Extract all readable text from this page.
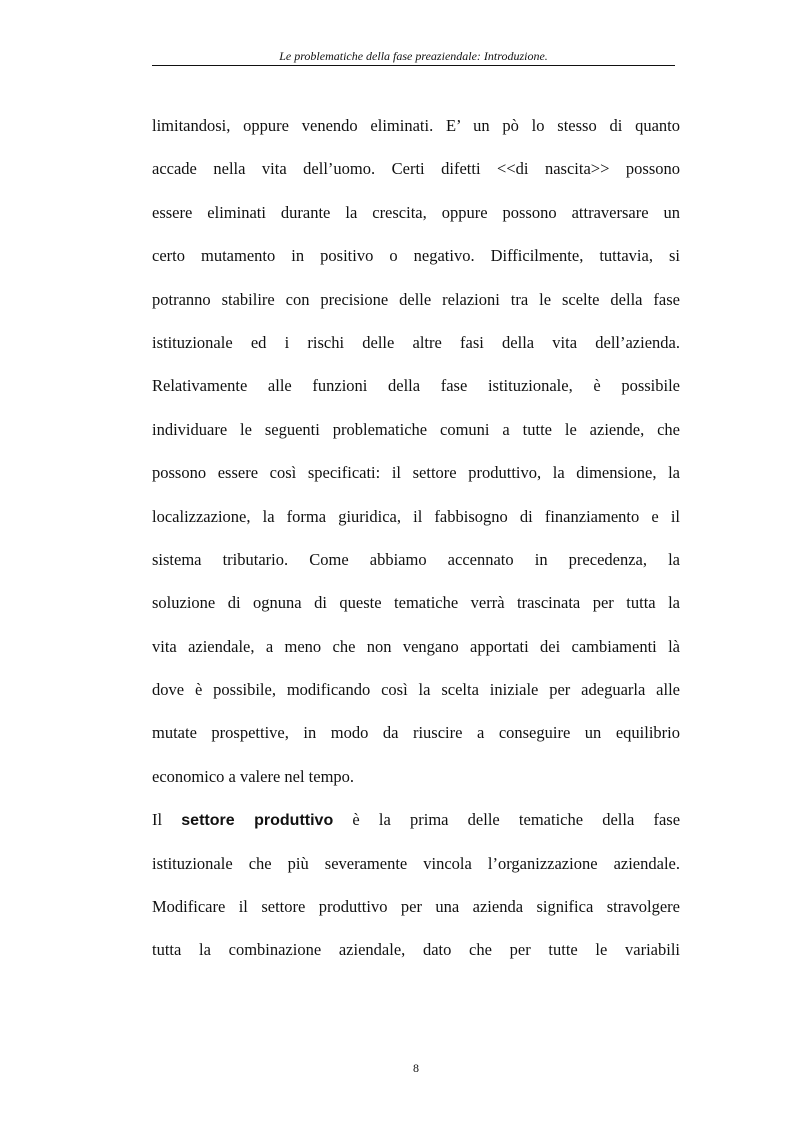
Le problematiche della fase preaziendale: Introduzione.
limitandosi, oppure venendo eliminati. E’ un pò lo stesso di quanto
accade nella vita dell’uomo. Certi difetti <<di nascita>> possono
essere eliminati durante la crescita, oppure possono attraversare un
certo mutamento in positivo o negativo. Difficilmente, tuttavia, si
potranno stabilire con precisione delle relazioni tra le scelte della fase
istituzionale ed i rischi delle altre fasi della vita dell’azienda.
Relativamente alle funzioni della fase istituzionale, è possibile
individuare le seguenti problematiche comuni a tutte le aziende, che
possono essere così specificati: il settore produttivo, la dimensione, la
localizzazione, la forma giuridica, il fabbisogno di finanziamento e il
sistema tributario. Come abbiamo accennato in precedenza, la
soluzione di ognuna di queste tematiche verrà trascinata per tutta la
vita aziendale, a meno che non vengano apportati dei cambiamenti là
dove è possibile, modificando così la scelta iniziale per adeguarla alle
mutate prospettive, in modo da riuscire a conseguire un equilibrio
economico a valere nel tempo.
Il settore produttivo è la prima delle tematiche della fase
istituzionale che più severamente vincola l’organizzazione aziendale.
Modificare il settore produttivo per una azienda significa stravolgere
tutta la combinazione aziendale, dato che per tutte le variabili
8
